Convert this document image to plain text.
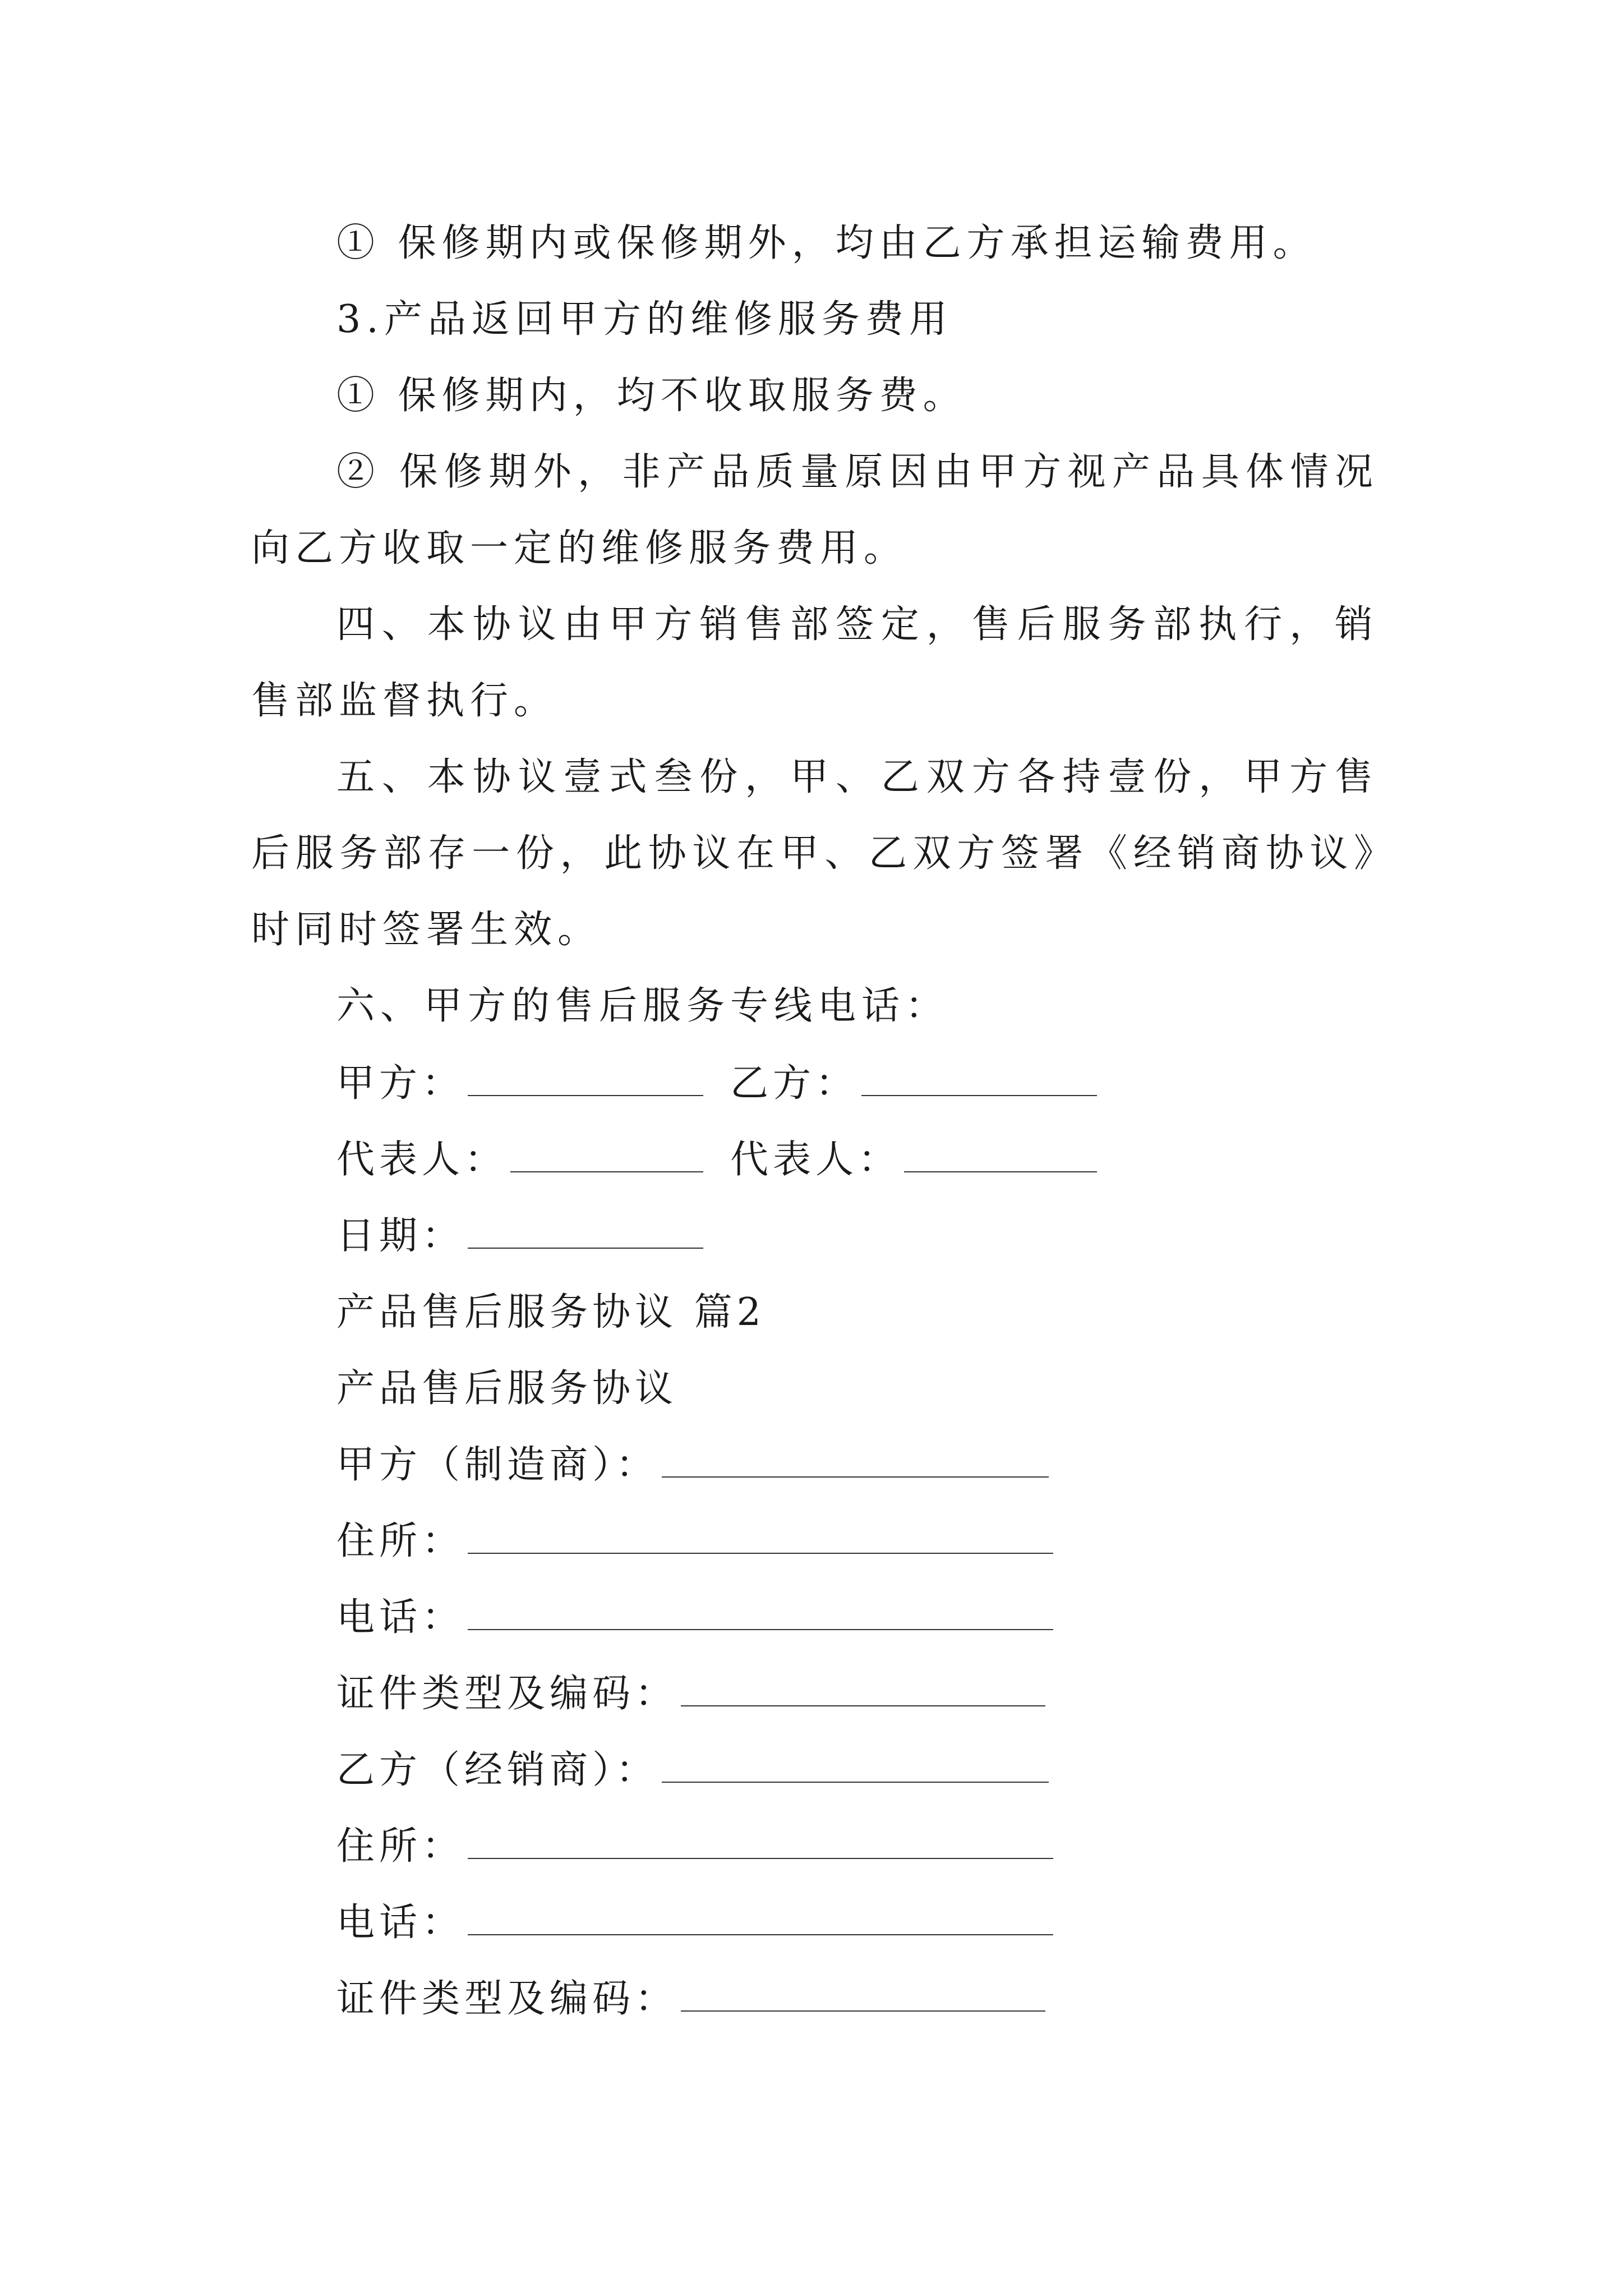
① 保修期内或保修期外，均由乙方承担运输费用。

3.产品返回甲方的维修服务费用

① 保修期内，均不收取服务费。

② 保修期外，非产品质量原因由甲方视产品具体情况向乙方收取一定的维修服务费用。

四、本协议由甲方销售部签定，售后服务部执行，销售部监督执行。

五、本协议壹式叁份，甲、乙双方各持壹份，甲方售后服务部存一份，此协议在甲、乙双方签署《经销商协议》时同时签署生效。

六、甲方的售后服务专线电话：

甲方：	乙方：
代表人：	代表人：
日期：
产品售后服务协议 篇2
产品售后服务协议
甲方（制造商）：
住所：
电话：
证件类型及编码：
乙方（经销商）：
住所：
电话：
证件类型及编码：
